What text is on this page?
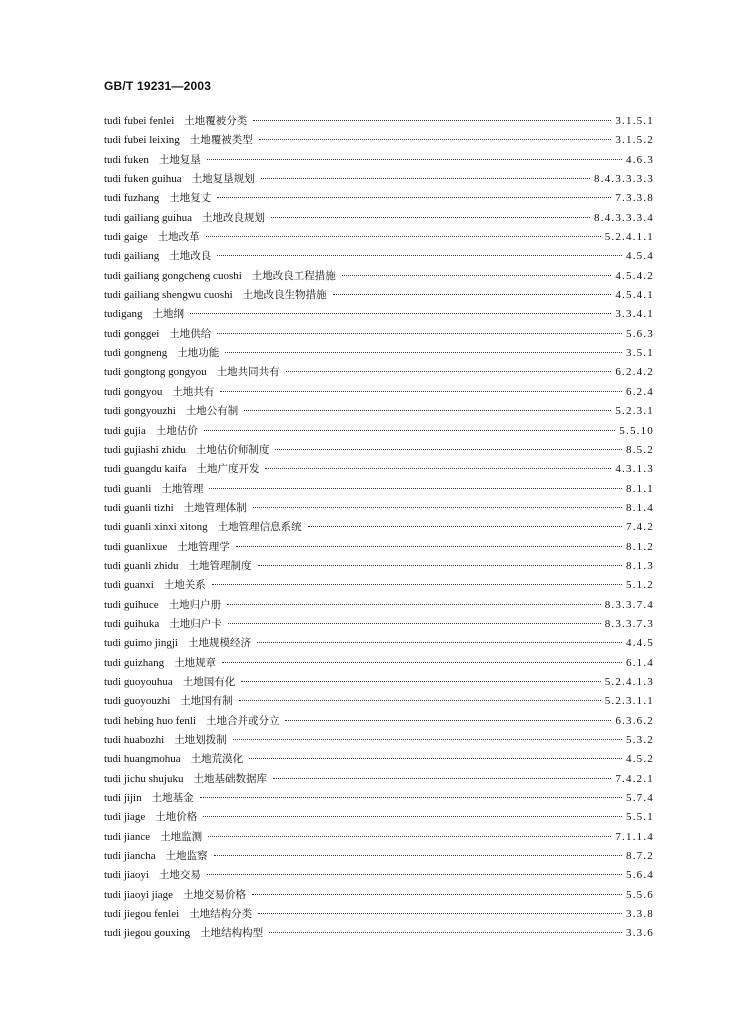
GB/T 19231—2003
tudi fubei fenlei 土地覆被分类	3.1.5.1
tudi fubei leixing 土地覆被类型	3.1.5.2
tudi fuken 土地复垦	4.6.3
tudi fuken guihua 土地复垦规划	8.4.3.3.3.3
tudi fuzhang 土地复丈	7.3.3.8
tudi gailiang guihua 土地改良规划	8.4.3.3.3.4
tudi gaige 土地改革	5.2.4.1.1
tudi gailiang 土地改良	4.5.4
tudi gailiang gongcheng cuoshi 土地改良工程措施	4.5.4.2
tudi gailiang shengwu cuoshi 土地改良生物措施	4.5.4.1
tudigang 土地纲	3.3.4.1
tudi gonggei 土地供给	5.6.3
tudi gongneng 土地功能	3.5.1
tudi gongtong gongyou 土地共同共有	6.2.4.2
tudi gongyou 土地共有	6.2.4
tudi gongyouzhi 土地公有制	5.2.3.1
tudi gujia 土地估价	5.5.10
tudi gujiashi zhidu 土地估价师制度	8.5.2
tudi guangdu kaifa 土地广度开发	4.3.1.3
tudi guanli 土地管理	8.1.1
tudi guanli tizhi 土地管理体制	8.1.4
tudi guanli xinxi xitong 土地管理信息系统	7.4.2
tudi guanlixue 土地管理学	8.1.2
tudi guanli zhidu 土地管理制度	8.1.3
tudi guanxi 土地关系	5.1.2
tudi guihuce 土地归户册	8.3.3.7.4
tudi guihuka 土地归户卡	8.3.3.7.3
tudi guimo jingji 土地规模经济	4.4.5
tudi guizhang 土地规章	6.1.4
tudi guoyouhua 土地国有化	5.2.4.1.3
tudi guoyouzhi 土地国有制	5.2.3.1.1
tudi hebing huo fenli 土地合并或分立	6.3.6.2
tudi huabozhi 土地划拨制	5.3.2
tudi huangmohua 土地荒漠化	4.5.2
tudi jichu shujuku 土地基础数据库	7.4.2.1
tudi jijin 土地基金	5.7.4
tudi jiage 土地价格	5.5.1
tudi jiance 土地监测	7.1.1.4
tudi jiancha 土地监察	8.7.2
tudi jiaoyi 土地交易	5.6.4
tudi jiaoyi jiage 土地交易价格	5.5.6
tudi jiegou fenlei 土地结构分类	3.3.8
tudi jiegou gouxing 土地结构构型	3.3.6
